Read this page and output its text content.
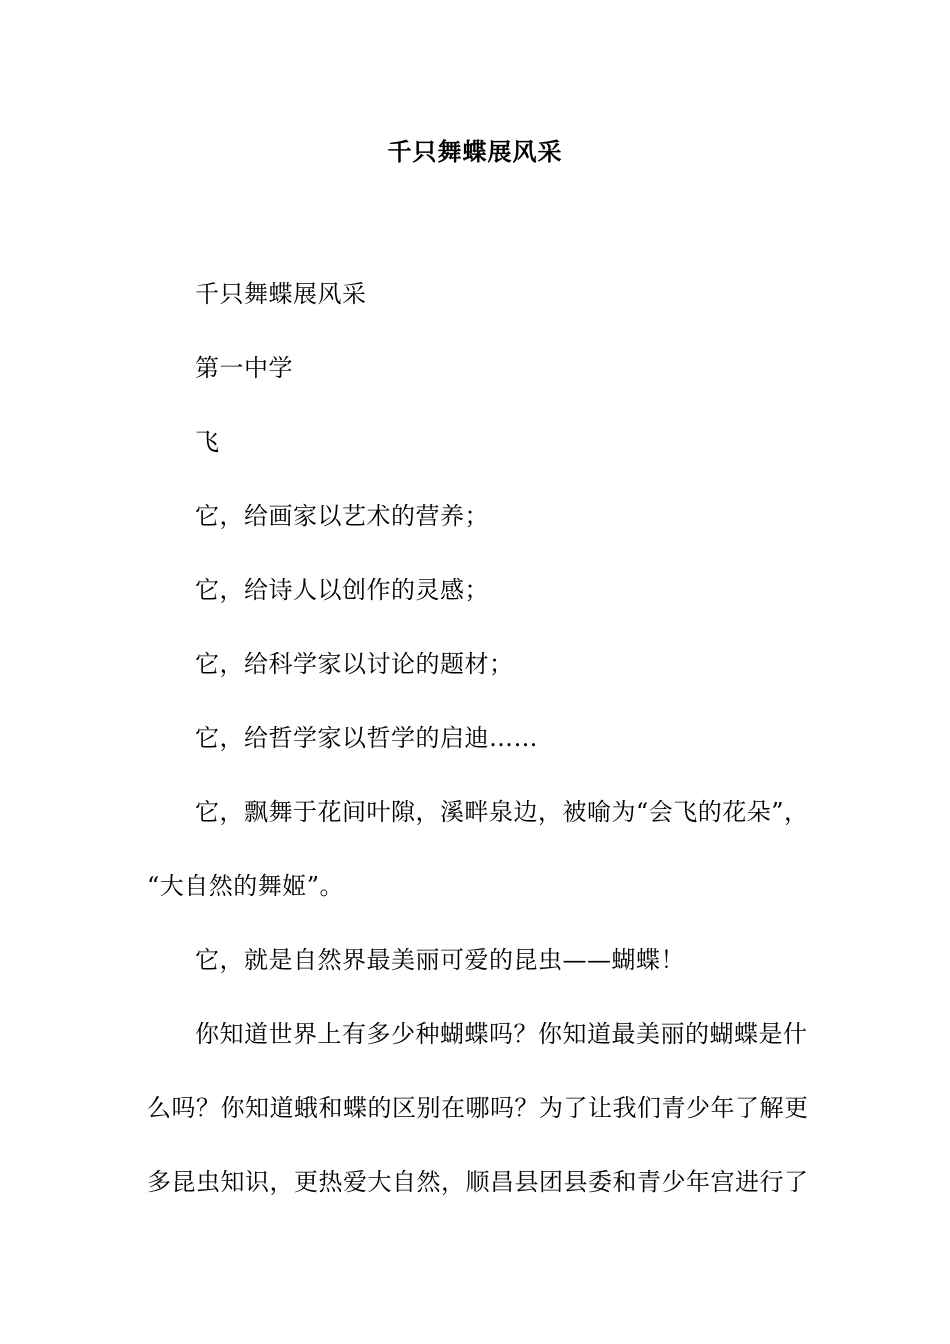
千只舞蝶展风采

千只舞蝶展风采

第一中学

飞

它，给画家以艺术的营养；

它，给诗人以创作的灵感；

它，给科学家以讨论的题材；

它，给哲学家以哲学的启迪……

它，飘舞于花间叶隙，溪畔泉边，被喻为“会飞的花朵”，

“大自然的舞姬”。

它，就是自然界最美丽可爱的昆虫——蝴蝶！

你知道世界上有多少种蝴蝶吗？你知道最美丽的蝴蝶是什

么吗？你知道蛾和蝶的区别在哪吗？为了让我们青少年了解更

多昆虫知识，更热爱大自然，顺昌县团县委和青少年宫进行了
